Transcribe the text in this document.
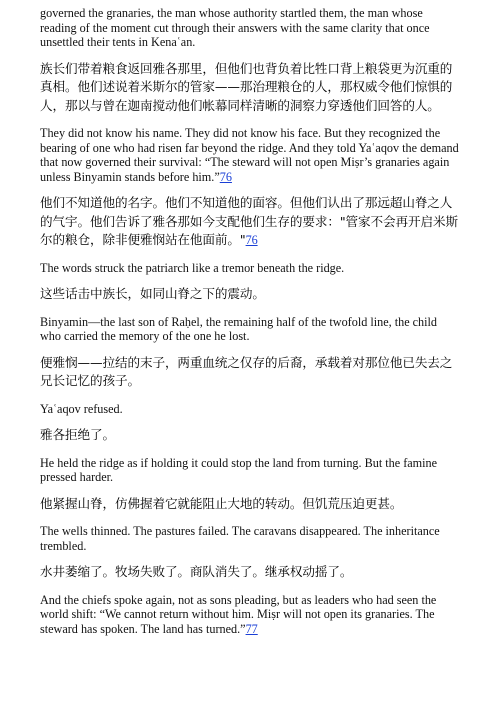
governed the granaries, the man whose authority startled them, the man whose reading of the moment cut through their answers with the same clarity that once unsettled their tents in Kenaʿan.

族长们带着粮食返回雅各那里，但他们也背负着比牲口背上粮袋更为沉重的真相。他们述说着米斯尔的管家——那治理粮仓的人，那权威令他们惊惧的人，那以与曾在迦南搅动他们帐幕同样清晰的洞察力穿透他们回答的人。

They did not know his name. They did not know his face. But they recognized the bearing of one who had risen far beyond the ridge. And they told Yaʿaqov the demand that now governed their survival: “The steward will not open Miṣr’s granaries again unless Binyamin stands before him.”76

他们不知道他的名字。他们不知道他的面容。但他们认出了那远超山脊之人的气宇。他们告诉了雅各那如今支配他们生存的要求："管家不会再开启米斯尔的粮仓，除非便雅悯站在他面前。"76

The words struck the patriarch like a tremor beneath the ridge.

这些话击中族长，如同山脊之下的震动。

Binyamin—the last son of Raḥel, the remaining half of the twofold line, the child who carried the memory of the one he lost.

便雅悯——拉结的末子，两重血统之仅存的后裔，承载着对那位他已失去之兄长记忆的孩子。

Yaʿaqov refused.

雅各拒绝了。

He held the ridge as if holding it could stop the land from turning. But the famine pressed harder.

他紧握山脊，仿佛握着它就能阻止大地的转动。但饥荒压迫更甚。

The wells thinned. The pastures failed. The caravans disappeared. The inheritance trembled.

水井萎缩了。牧场失败了。商队消失了。继承权动摇了。

And the chiefs spoke again, not as sons pleading, but as leaders who had seen the world shift: “We cannot return without him. Miṣr will not open its granaries. The steward has spoken. The land has turned.”77
